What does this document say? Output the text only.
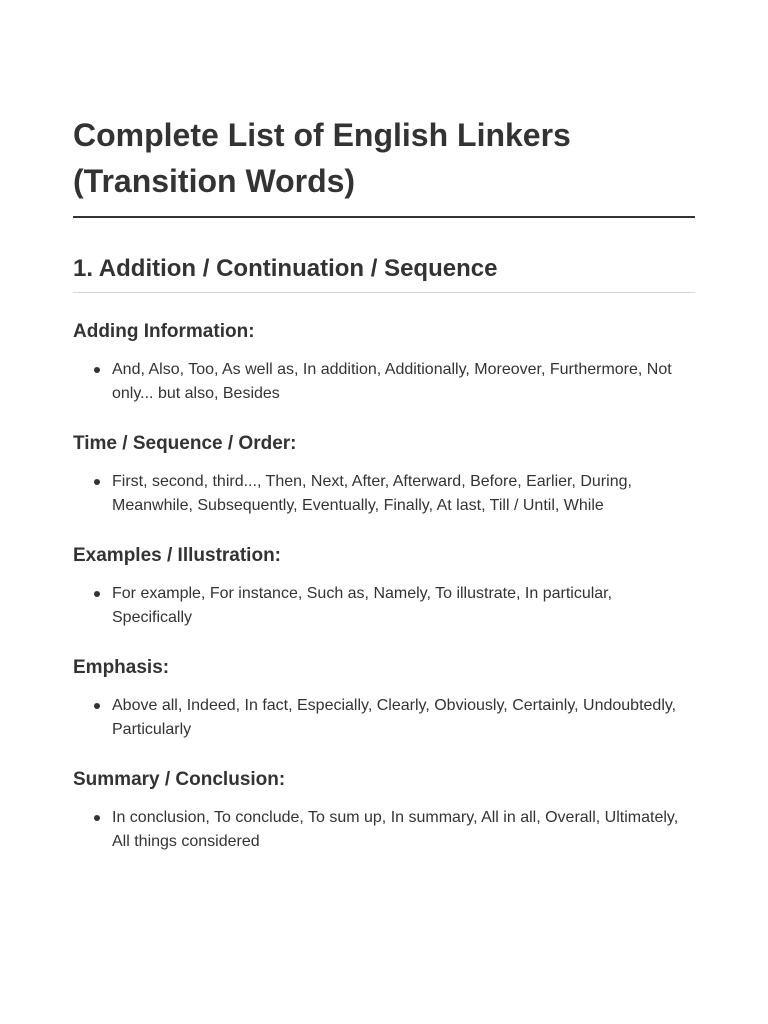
Complete List of English Linkers (Transition Words)
1. Addition / Continuation / Sequence
Adding Information:
And, Also, Too, As well as, In addition, Additionally, Moreover, Furthermore, Not only... but also, Besides
Time / Sequence / Order:
First, second, third..., Then, Next, After, Afterward, Before, Earlier, During, Meanwhile, Subsequently, Eventually, Finally, At last, Till / Until, While
Examples / Illustration:
For example, For instance, Such as, Namely, To illustrate, In particular, Specifically
Emphasis:
Above all, Indeed, In fact, Especially, Clearly, Obviously, Certainly, Undoubtedly, Particularly
Summary / Conclusion:
In conclusion, To conclude, To sum up, In summary, All in all, Overall, Ultimately, All things considered
